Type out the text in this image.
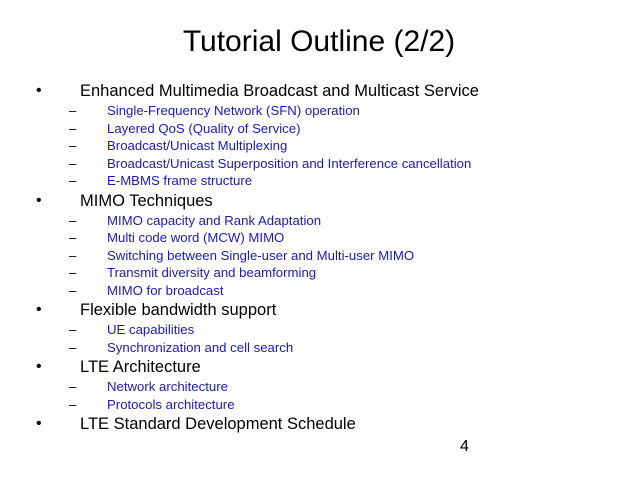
Tutorial Outline (2/2)
• Enhanced Multimedia Broadcast and Multicast Service
– Single-Frequency Network (SFN) operation
– Layered QoS (Quality of Service)
– Broadcast/Unicast Multiplexing
– Broadcast/Unicast Superposition and Interference cancellation
– E-MBMS frame structure
• MIMO Techniques
– MIMO capacity and Rank Adaptation
– Multi code word (MCW) MIMO
– Switching between Single-user and Multi-user MIMO
– Transmit diversity and beamforming
– MIMO for broadcast
• Flexible bandwidth support
– UE capabilities
– Synchronization and cell search
• LTE Architecture
– Network architecture
– Protocols architecture
• LTE Standard Development Schedule
4
